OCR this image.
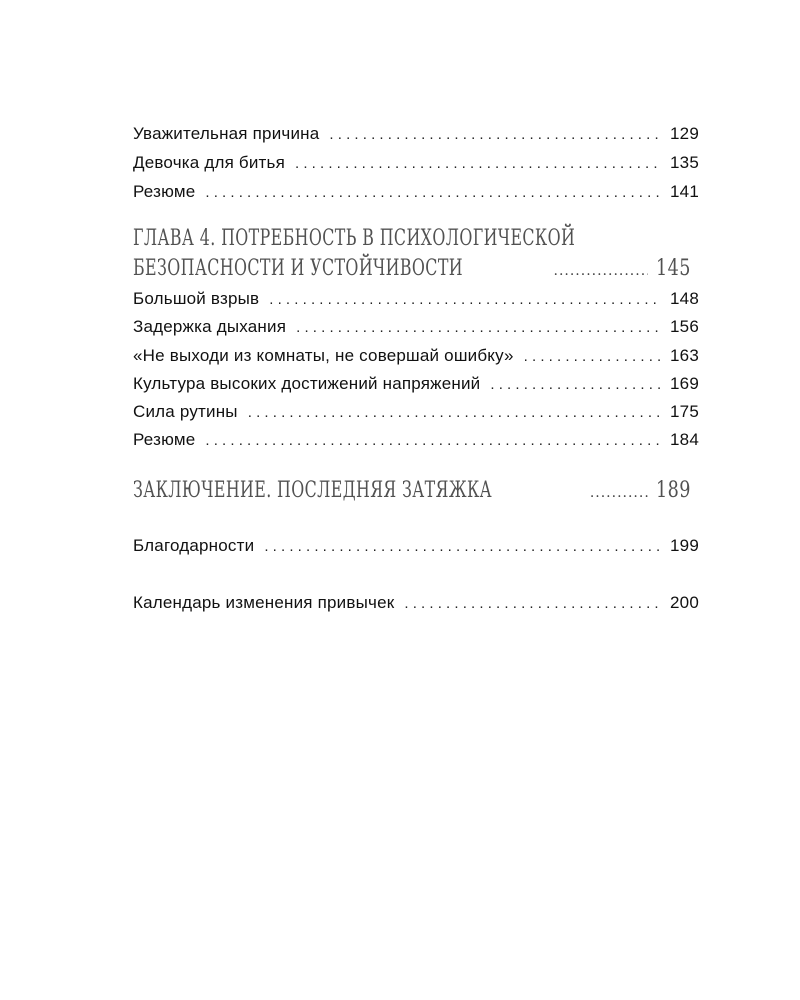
Уважительная причина . . .	129
Девочка для битья . . .	135
Резюме . . .	141
ГЛАВА 4. ПОТРЕБНОСТЬ В ПСИХОЛОГИЧЕСКОЙ
БЕЗОПАСНОСТИ И УСТОЙЧИВОСТИ .....	145
Большой взрыв . . .	148
Задержка дыхания . . .	156
«Не выходи из комнаты, не совершай ошибку» . . .	163
Культура высоких достижений напряжений . . .	169
Сила рутины . . .	175
Резюме . . .	184
ЗАКЛЮЧЕНИЕ. ПОСЛЕДНЯЯ ЗАТЯЖКА .....	189
Благодарности . . .	199
Календарь изменения привычек . . .	200
